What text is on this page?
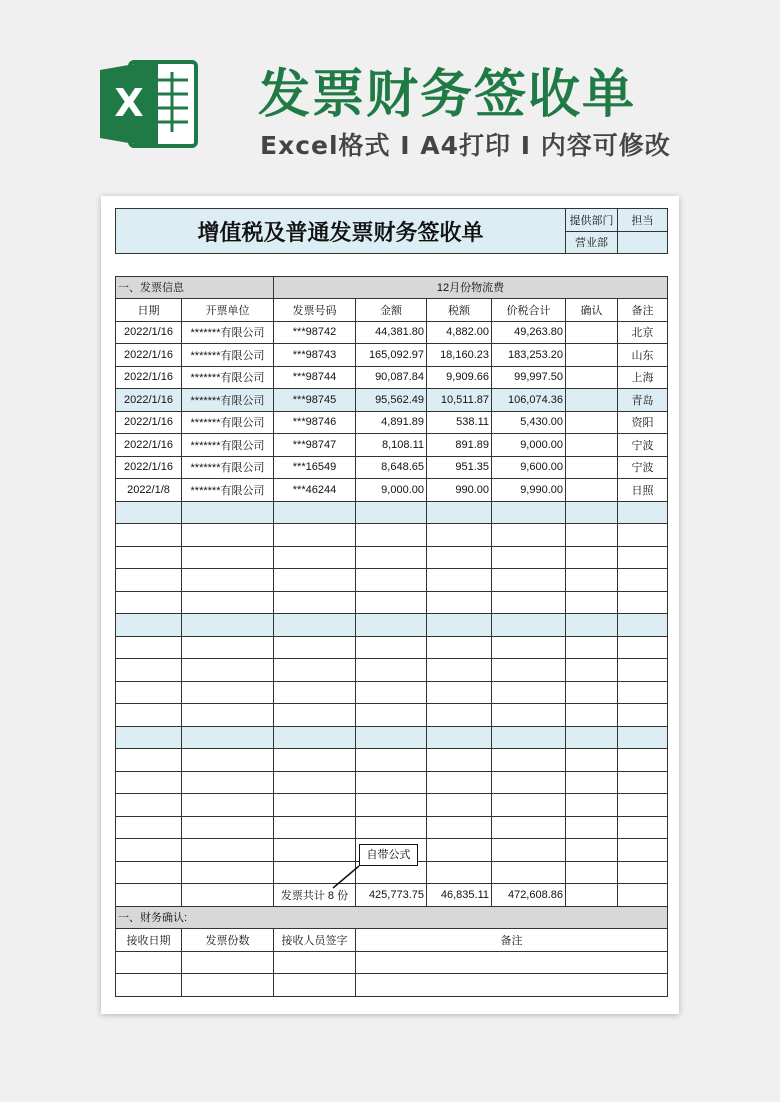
X 发票财务签收单
Excel格式 I A4打印 I 内容可修改
增值税及普通发票财务签收单						提供部门	担当
						营业部	

一、发票信息		12月份物流费					
日期	开票单位	发票号码	金额	税额	价税合计	确认	备注
2022/1/16	*******有限公司	***98742	44,381.80	4,882.00	49,263.80		北京
2022/1/16	*******有限公司	***98743	165,092.97	18,160.23	183,253.20		山东
2022/1/16	*******有限公司	***98744	90,087.84	9,909.66	99,997.50		上海
2022/1/16	*******有限公司	***98745	95,562.49	10,511.87	106,074.36		青岛
2022/1/16	*******有限公司	***98746	4,891.89	538.11	5,430.00		资阳
2022/1/16	*******有限公司	***98747	8,108.11	891.89	9,000.00		宁波
2022/1/16	*******有限公司	***16549	8,648.65	951.35	9,600.00		宁波
2022/1/8	*******有限公司	***46244	9,000.00	990.00	9,990.00		日照

		发票共计 8 份	425,773.75	46,835.11	472,608.86		
一、财务确认:							
接收日期	发票份数	接收人员签字	备注				

自带公式
